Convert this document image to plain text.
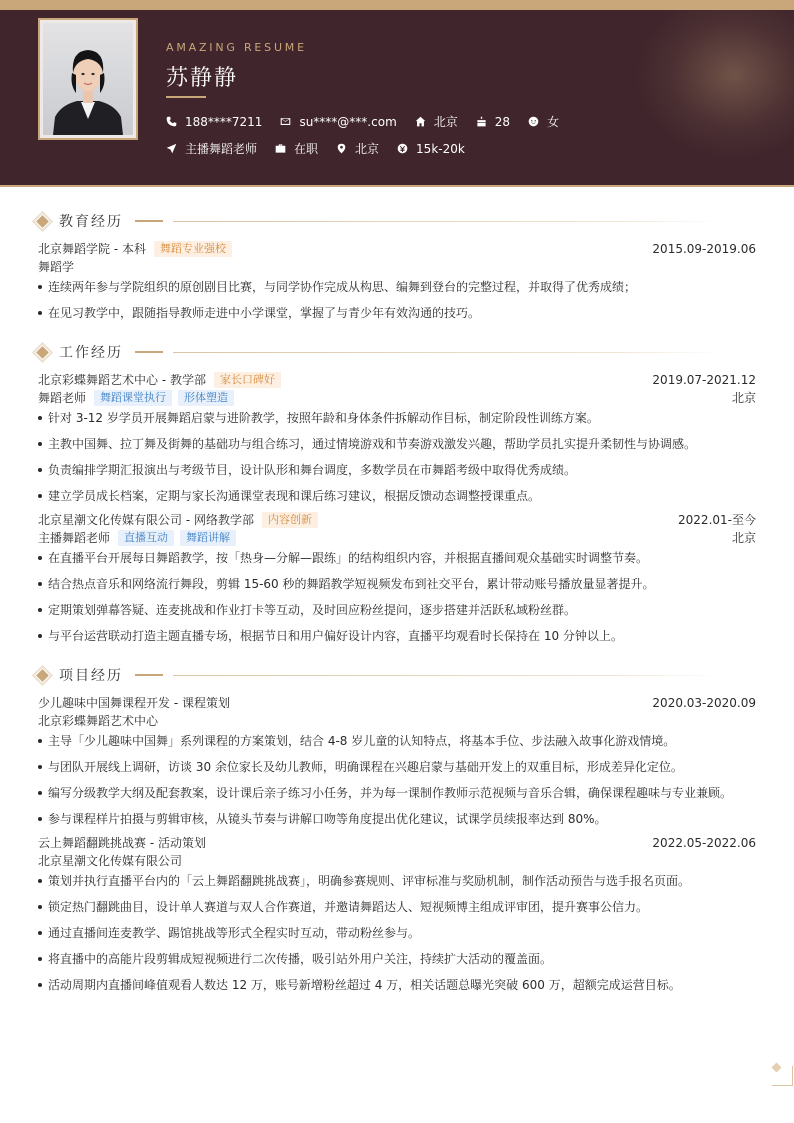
AMAZING RESUME
苏静静
188****7211	su****@***.com	北京	28	女
主播舞蹈老师	在职	北京	15k-20k
教育经历
北京舞蹈学院 - 本科	舞蹈专业强校	2015.09-2019.06
舞蹈学
连续两年参与学院组织的原创剧目比赛，与同学协作完成从构思、编舞到登台的完整过程，并取得了优秀成绩；
在见习教学中，跟随指导教师走进中小学课堂，掌握了与青少年有效沟通的技巧。
工作经历
北京彩蝶舞蹈艺术中心 - 教学部	家长口碑好	2019.07-2021.12
舞蹈老师	舞蹈课堂执行	形体塑造	北京
针对 3-12 岁学员开展舞蹈启蒙与进阶教学，按照年龄和身体条件拆解动作目标，制定阶段性训练方案。
主教中国舞、拉丁舞及街舞的基础功与组合练习，通过情境游戏和节奏游戏激发兴趣，帮助学员扎实提升柔韧性与协调感。
负责编排学期汇报演出与考级节目，设计队形和舞台调度，多数学员在市舞蹈考级中取得优秀成绩。
建立学员成长档案，定期与家长沟通课堂表现和课后练习建议，根据反馈动态调整授课重点。
北京星潮文化传媒有限公司 - 网络教学部	内容创新	2022.01-至今
主播舞蹈老师	直播互动	舞蹈讲解	北京
在直播平台开展每日舞蹈教学，按「热身—分解—跟练」的结构组织内容，并根据直播间观众基础实时调整节奏。
结合热点音乐和网络流行舞段，剪辑 15-60 秒的舞蹈教学短视频发布到社交平台，累计带动账号播放量显著提升。
定期策划弹幕答疑、连麦挑战和作业打卡等互动，及时回应粉丝提问，逐步搭建并活跃私域粉丝群。
与平台运营联动打造主题直播专场，根据节日和用户偏好设计内容，直播平均观看时长保持在 10 分钟以上。
项目经历
少儿趣味中国舞课程开发 - 课程策划	2020.03-2020.09
北京彩蝶舞蹈艺术中心
主导「少儿趣味中国舞」系列课程的方案策划，结合 4-8 岁儿童的认知特点，将基本手位、步法融入故事化游戏情境。
与团队开展线上调研，访谈 30 余位家长及幼儿教师，明确课程在兴趣启蒙与基础开发上的双重目标，形成差异化定位。
编写分级教学大纲及配套教案，设计课后亲子练习小任务，并为每一课制作教师示范视频与音乐合辑，确保课程趣味与专业兼顾。
参与课程样片拍摄与剪辑审核，从镜头节奏与讲解口吻等角度提出优化建议，试课学员续报率达到 80%。
云上舞蹈翻跳挑战赛 - 活动策划	2022.05-2022.06
北京星潮文化传媒有限公司
策划并执行直播平台内的「云上舞蹈翻跳挑战赛」，明确参赛规则、评审标准与奖励机制，制作活动预告与选手报名页面。
锁定热门翻跳曲目，设计单人赛道与双人合作赛道，并邀请舞蹈达人、短视频博主组成评审团，提升赛事公信力。
通过直播间连麦教学、踢馆挑战等形式全程实时互动，带动粉丝参与。
将直播中的高能片段剪辑成短视频进行二次传播，吸引站外用户关注，持续扩大活动的覆盖面。
活动周期内直播间峰值观看人数达 12 万，账号新增粉丝超过 4 万，相关话题总曝光突破 600 万，超额完成运营目标。
